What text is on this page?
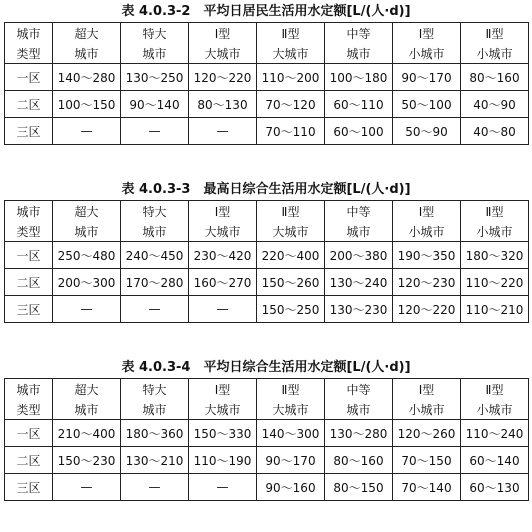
表 4.0.3-2　平均日居民生活用水定额[L/(人·d)]
城市	超大	特大	Ⅰ型	Ⅱ型	中等	Ⅰ型	Ⅱ型
类型	城市	城市	大城市	大城市	城市	小城市	小城市
一区	140～280	130～250	120～220	110～200	100～180	90～170	80～160
二区	100～150	90～140	80～130	70～120	60～110	50～100	40～90
三区	—	—	—	70～110	60～100	50～90	40～80
表 4.0.3-3　最高日综合生活用水定额[L/(人·d)]
城市	超大	特大	Ⅰ型	Ⅱ型	中等	Ⅰ型	Ⅱ型
类型	城市	城市	大城市	大城市	城市	小城市	小城市
一区	250～480	240～450	230～420	220～400	200～380	190～350	180～320
二区	200～300	170～280	160～270	150～260	130～240	120～230	110～220
三区	—	—	—	150～250	130～230	120～220	110～210
表 4.0.3-4　平均日综合生活用水定额[L/(人·d)]
城市	超大	特大	Ⅰ型	Ⅱ型	中等	Ⅰ型	Ⅱ型
类型	城市	城市	大城市	大城市	城市	小城市	小城市
一区	210～400	180～360	150～330	140～300	130～280	120～260	110～240
二区	150～230	130～210	110～190	90～170	80～160	70～150	60～140
三区	—	—	—	90～160	80～150	70～140	60～130
